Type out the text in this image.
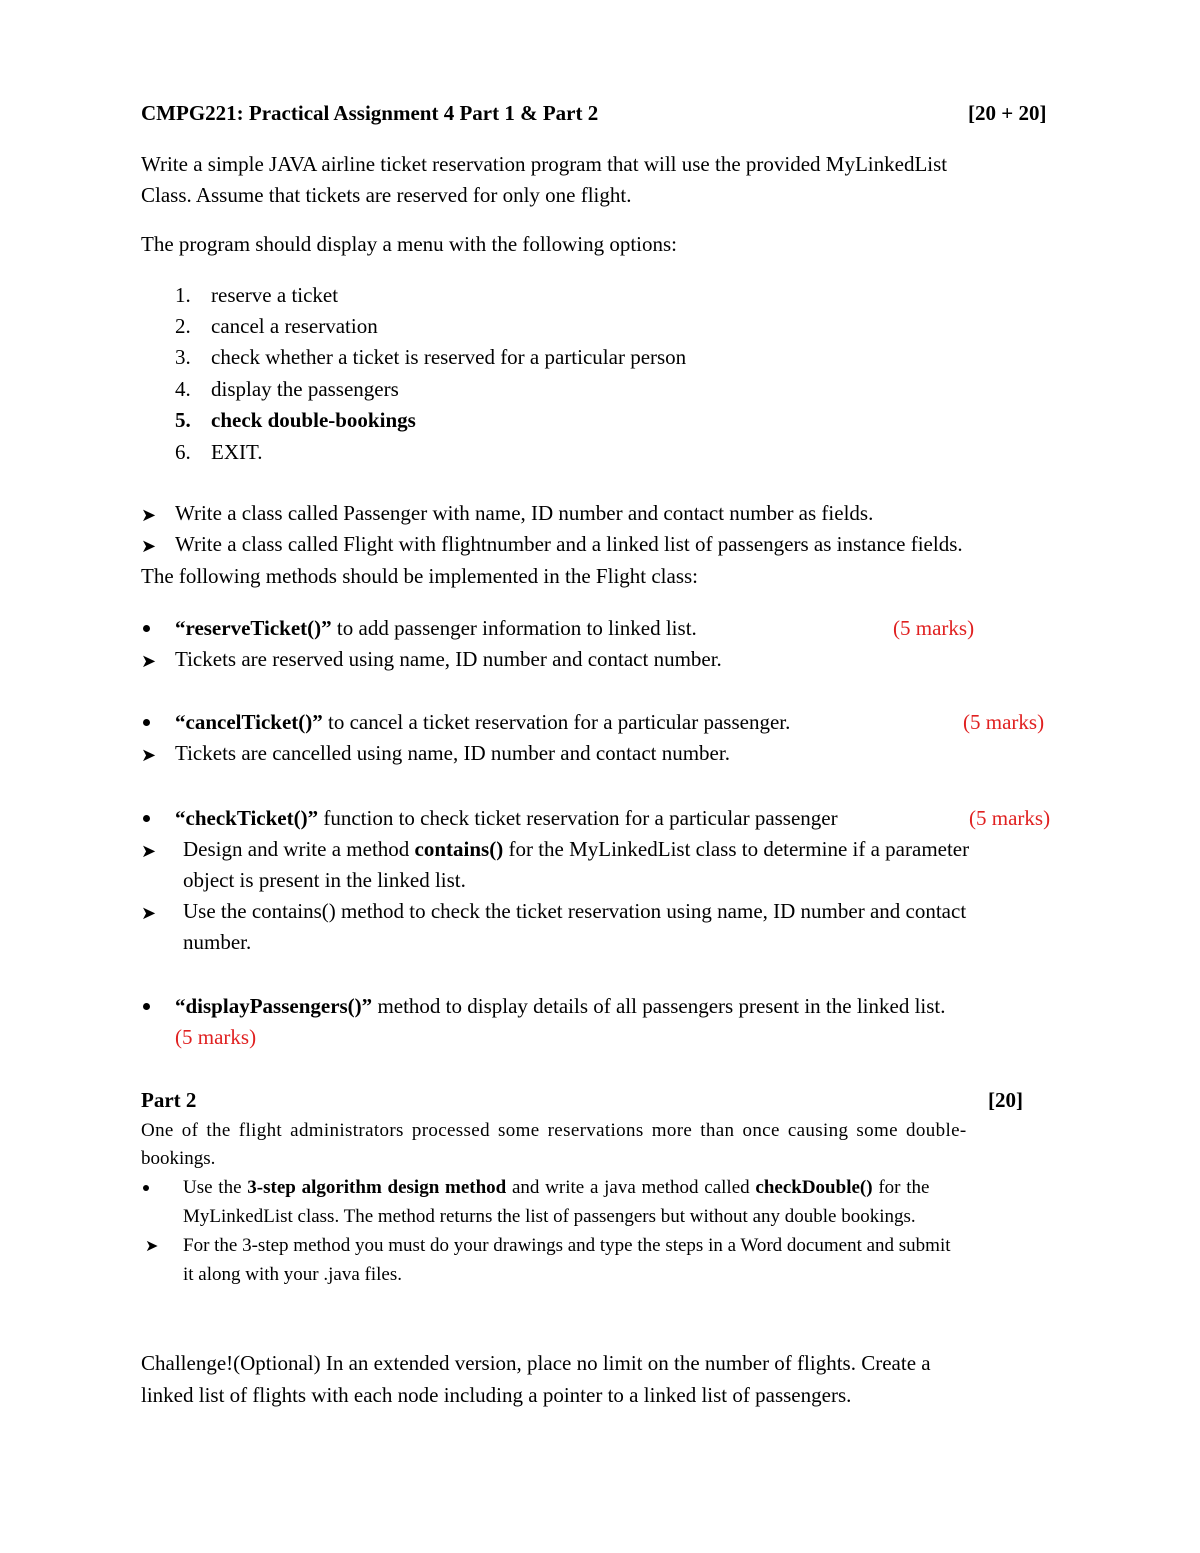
CMPG221: Practical Assignment 4 Part 1 & Part 2	[20 + 20]
Write a simple JAVA airline ticket reservation program that will use the provided MyLinkedList
Class. Assume that tickets are reserved for only one flight.
The program should display a menu with the following options:
1. reserve a ticket
2. cancel a reservation
3. check whether a ticket is reserved for a particular person
4. display the passengers
5. check double-bookings
6. EXIT.
➤ Write a class called Passenger with name, ID number and contact number as fields.
➤ Write a class called Flight with flightnumber and a linked list of passengers as instance fields.
The following methods should be implemented in the Flight class:
“reserveTicket()” to add passenger information to linked list.	(5 marks)
➤ Tickets are reserved using name, ID number and contact number.
“cancelTicket()” to cancel a ticket reservation for a particular passenger.	(5 marks)
➤ Tickets are cancelled using name, ID number and contact number.
“checkTicket()” function to check ticket reservation for a particular passenger	(5 marks)
➤ Design and write a method contains() for the MyLinkedList class to determine if a parameter
object is present in the linked list.
➤ Use the contains() method to check the ticket reservation using name, ID number and contact
number.
“displayPassengers()” method to display details of all passengers present in the linked list.
(5 marks)
Part 2	[20]
One of the flight administrators processed some reservations more than once causing some double-
bookings.
Use the 3-step algorithm design method and write a java method called checkDouble() for the
MyLinkedList class. The method returns the list of passengers but without any double bookings.
➤ For the 3-step method you must do your drawings and type the steps in a Word document and submit
it along with your .java files.
Challenge!(Optional) In an extended version, place no limit on the number of flights. Create a
linked list of flights with each node including a pointer to a linked list of passengers.
